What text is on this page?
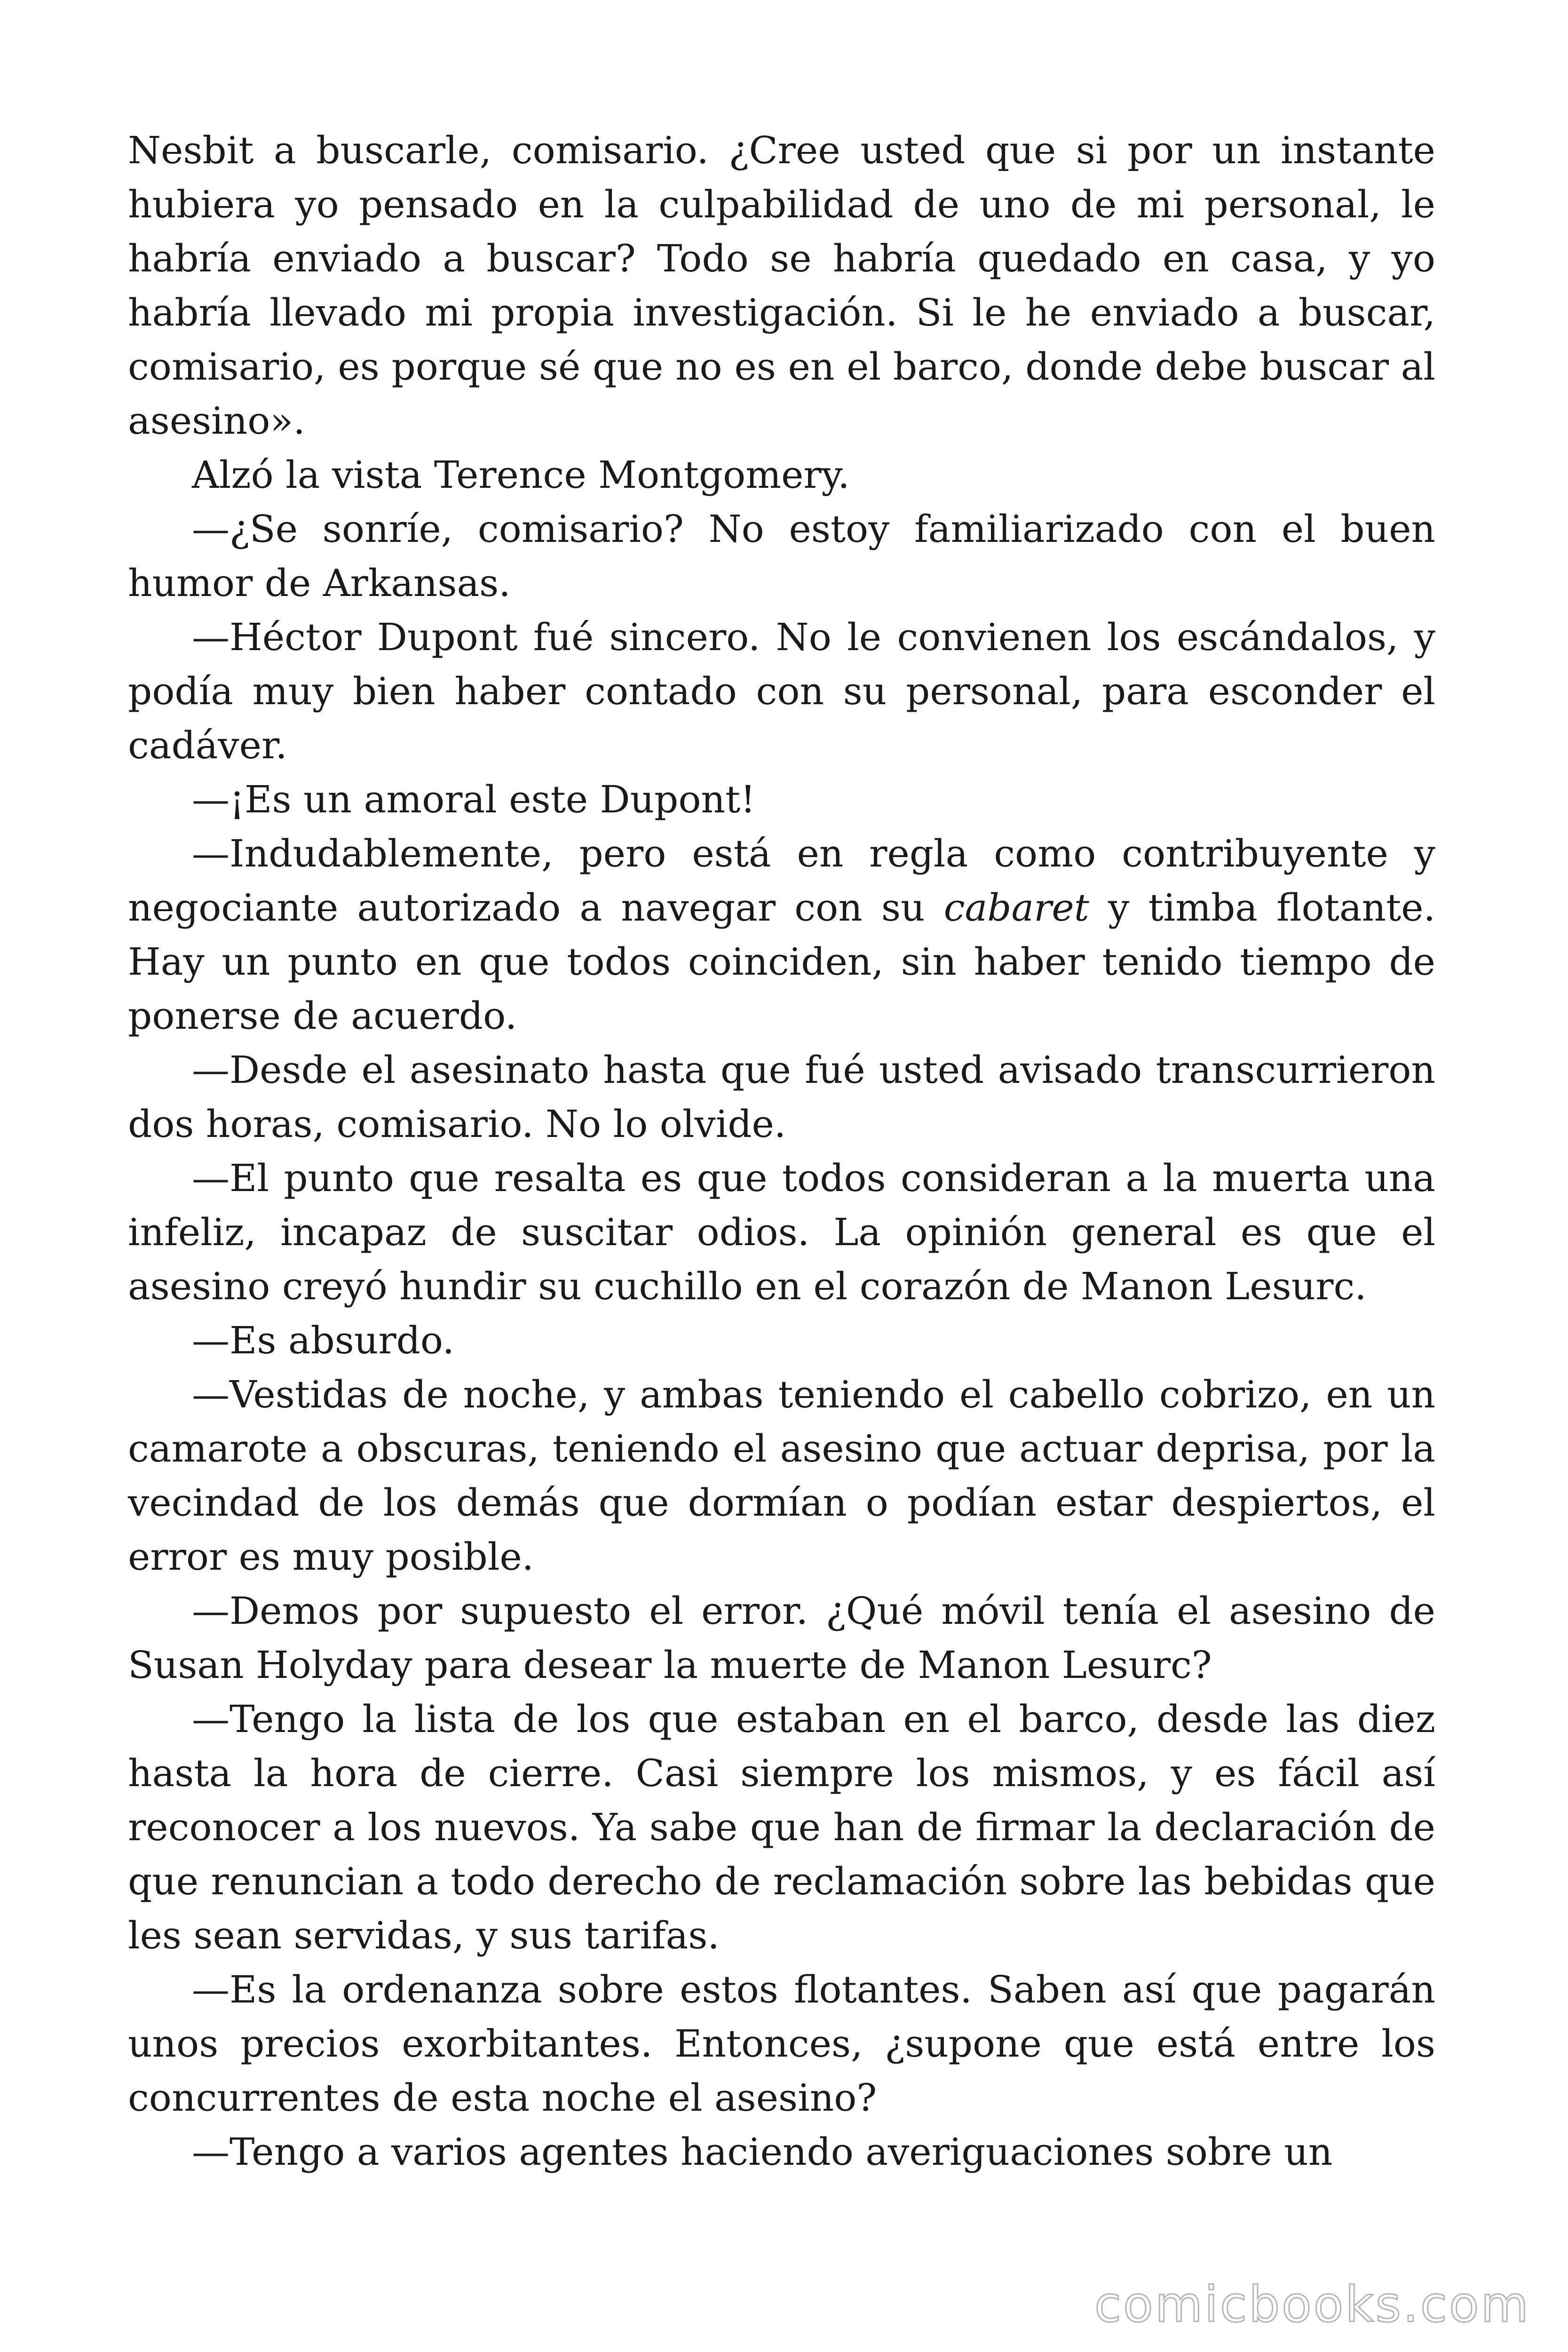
Nesbit a buscarle, comisario. ¿Cree usted que si por un instante hubiera yo pensado en la culpabilidad de uno de mi personal, le habría enviado a buscar? Todo se habría quedado en casa, y yo habría llevado mi propia investigación. Si le he enviado a buscar, comisario, es porque sé que no es en el barco, donde debe buscar al asesino».

Alzó la vista Terence Montgomery.

—¿Se sonríe, comisario? No estoy familiarizado con el buen humor de Arkansas.

—Héctor Dupont fué sincero. No le convienen los escándalos, y podía muy bien haber contado con su personal, para esconder el cadáver.

—¡Es un amoral este Dupont!

—Indudablemente, pero está en regla como contribuyente y negociante autorizado a navegar con su cabaret y timba flotante. Hay un punto en que todos coinciden, sin haber tenido tiempo de ponerse de acuerdo.

—Desde el asesinato hasta que fué usted avisado transcurrieron dos horas, comisario. No lo olvide.

—El punto que resalta es que todos consideran a la muerta una infeliz, incapaz de suscitar odios. La opinión general es que el asesino creyó hundir su cuchillo en el corazón de Manon Lesurc.

—Es absurdo.

—Vestidas de noche, y ambas teniendo el cabello cobrizo, en un camarote a obscuras, teniendo el asesino que actuar deprisa, por la vecindad de los demás que dormían o podían estar despiertos, el error es muy posible.

—Demos por supuesto el error. ¿Qué móvil tenía el asesino de Susan Holyday para desear la muerte de Manon Lesurc?

—Tengo la lista de los que estaban en el barco, desde las diez hasta la hora de cierre. Casi siempre los mismos, y es fácil así reconocer a los nuevos. Ya sabe que han de firmar la declaración de que renuncian a todo derecho de reclamación sobre las bebidas que les sean servidas, y sus tarifas.

—Es la ordenanza sobre estos flotantes. Saben así que pagarán unos precios exorbitantes. Entonces, ¿supone que está entre los concurrentes de esta noche el asesino?

—Tengo a varios agentes haciendo averiguaciones sobre un

comicbooks.com
